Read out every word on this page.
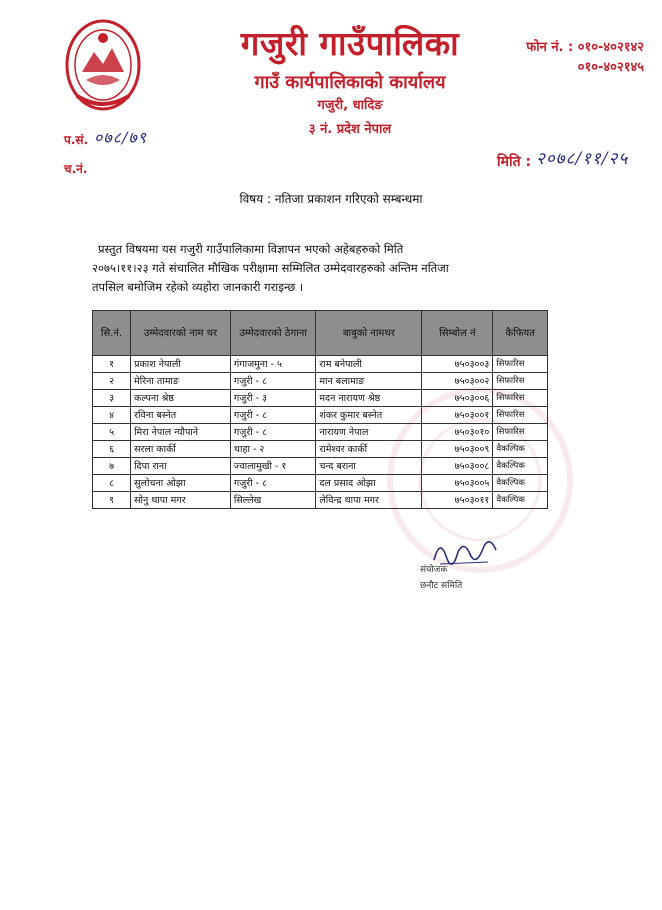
गजुरी गाउँपालिका
गाउँ कार्यपालिकाको कार्यालय
गजुरी, धादिङ
३ नं. प्रदेश नेपाल
फोन नं. : ०१०-४०२१४२
०१०-४०२१४५
प.सं. ०७८/७९
च.नं.	मिति : २०७८/११/२५
विषय : नतिजा प्रकाशन गरिएको सम्बन्धमा
प्रस्तुत विषयमा यस गजुरी गाउँपालिकामा विज्ञापन भएको अहेबहरुको मिति
२०७५।११।२३ गते संचालित मौखिक परीक्षामा सम्मिलित उम्मेदवारहरुको अन्तिम नतिजा
तपसिल बमोजिम रहेको व्यहोरा जानकारी गराइन्छ ।
सि.नं.	उम्मेदवारको नाम थर	उम्मेदवारको ठेगाना	बाबुको नामथर	सिम्बोल नं	कैफियत
१	प्रकाश नेपाली	गंगाजमुना - ५	राम बनेपाली	७५०३००३	सिफारिस
२	मेरिना तामाङ	गजुरी - ८	मान बलामाङ	७५०३००२	सिफारिस
३	कल्पना श्रेष्ठ	गजुरी - ३	मदन नारायण श्रेष्ठ	७५०३००६	सिफारिस
४	रविना बस्नेत	गजुरी - ८	शंकर कुमार बस्नेत	७५०३००१	सिफारिस
५	मिरा नेपाल न्यौपाने	गजुरी - ८	नारायण नेपाल	७५०३०१०	सिफारिस
६	सरला कार्की	थाहा - २	रामेश्वर कार्की	७५०३००९	वैकल्पिक
७	दिपा राना	ज्वालामुखी - १	चन्द बराना	७५०३००८	वैकल्पिक
८	सुलोचना ओझा	गजुरी - ८	दल प्रसाद ओझा	७५०३००५	वैकल्पिक
९	सोनु थापा मगर	सिल्लेख	लेविन्द्र थापा मगर	७५०३०११	वैकल्पिक
संयोजक
छनौट समिति
